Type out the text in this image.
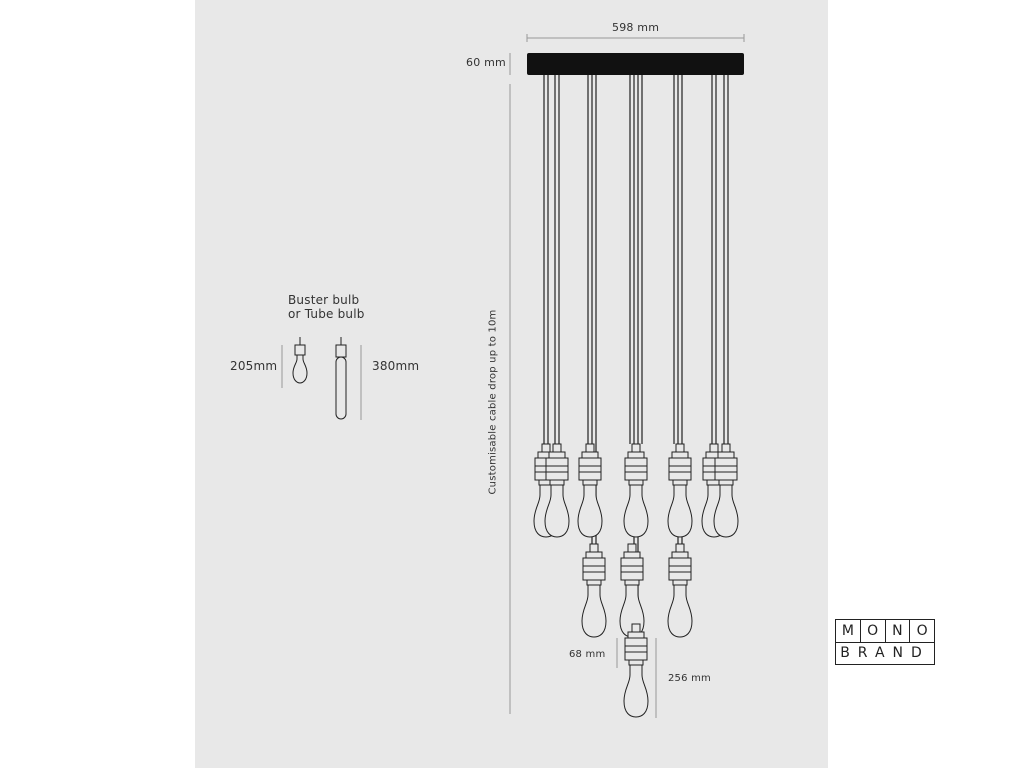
598 mm
60 mm
Customisable cable drop up to 10m
Buster bulb
or Tube bulb
205mm	380mm
68 mm
256 mm
M O N	O
BRAND
